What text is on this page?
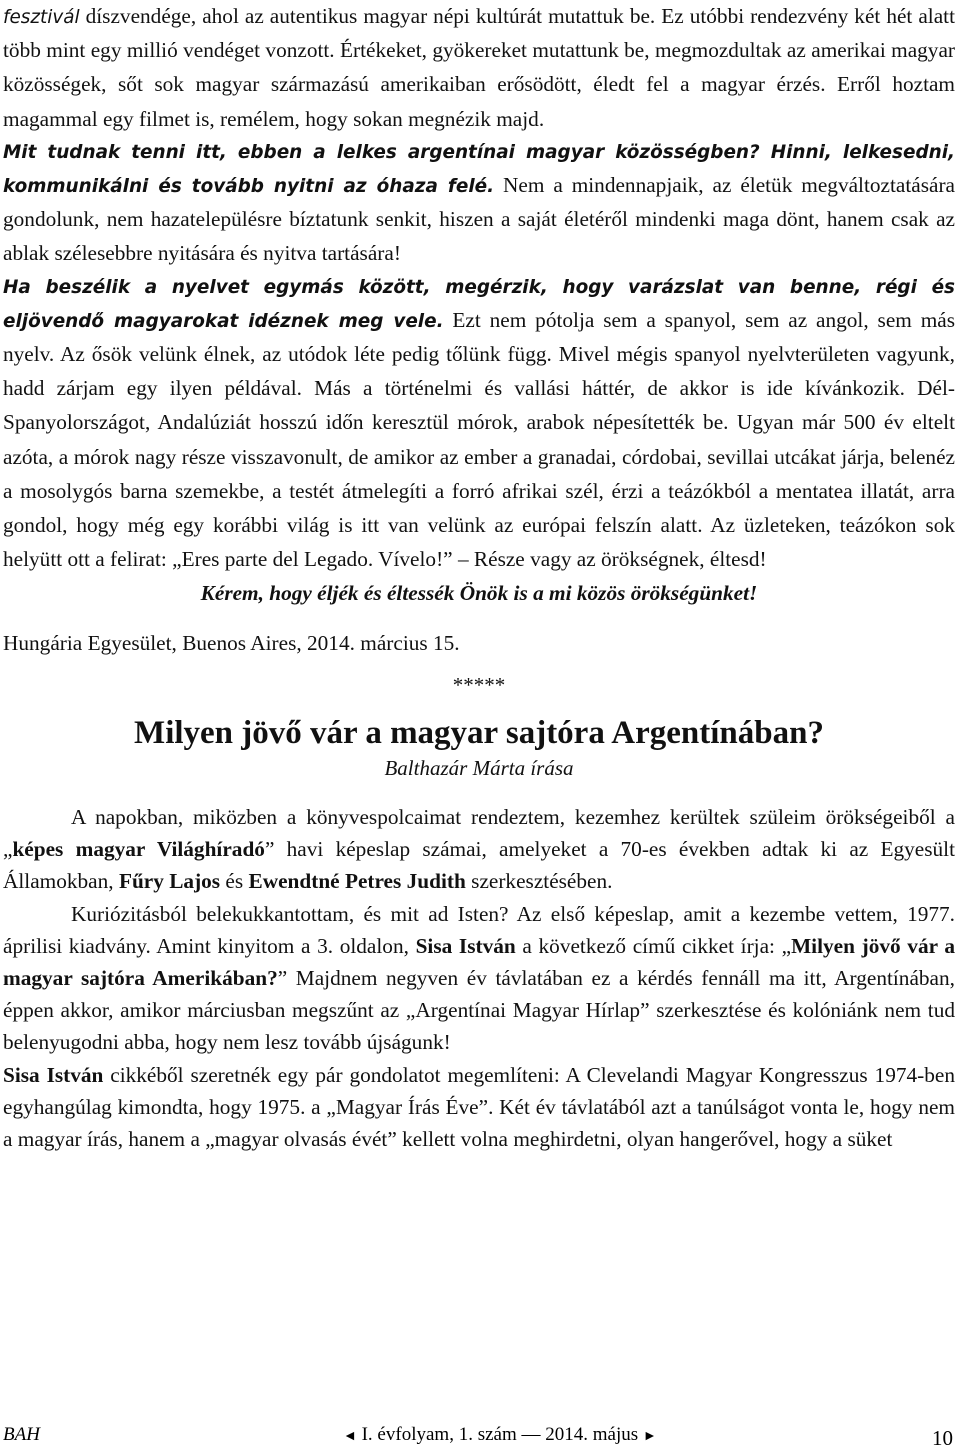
fesztivál díszvendége, ahol az autentikus magyar népi kultúrát mutattuk be. Ez utóbbi rendezvény két hét alatt több mint egy millió vendéget vonzott. Értékeket, gyökereket mutattunk be, megmozdultak az amerikai magyar közösségek, sőt sok magyar származású amerikaiban erősödött, éledt fel a magyar érzés. Erről hoztam magammal egy filmet is, remélem, hogy sokan megnézik majd.

Mit tudnak tenni itt, ebben a lelkes argentínai magyar közösségben? Hinni, lelkesedni, kommunikálni és tovább nyitni az óhaza felé. Nem a mindennapjaik, az életük megváltoztatására gondolunk, nem hazatelepülésre bíztatunk senkit, hiszen a saját életéről mindenki maga dönt, hanem csak az ablak szélesebbre nyitására és nyitva tartására!

Ha beszélik a nyelvet egymás között, megérzik, hogy varázslat van benne, régi és eljövendő magyarokat idéznek meg vele. Ezt nem pótolja sem a spanyol, sem az angol, sem más nyelv. Az ősök velünk élnek, az utódok léte pedig tőlünk függ. Mivel mégis spanyol nyelvterületen vagyunk, hadd zárjam egy ilyen példával. Más a történelmi és vallási háttér, de akkor is ide kívánkozik. Dél-Spanyolországot, Andalúziát hosszú időn keresztül mórok, arabok népesítették be. Ugyan már 500 év eltelt azóta, a mórok nagy része visszavonult, de amikor az ember a granadai, córdobai, sevillai utcákat járja, belenéz a mosolygós barna szemekbe, a testét átmelegíti a forró afrikai szél, érzi a teázókból a mentatea illatát, arra gondol, hogy még egy korábbi világ is itt van velünk az európai felszín alatt. Az üzleteken, teázókon sok helyütt ott a felirat: „Eres parte del Legado. Vívelo!” – Része vagy az örökségnek, éltesd!

Kérem, hogy éljék és éltessék Önök is a mi közös örökségünket!

Hungária Egyesület, Buenos Aires, 2014. március 15.

*****
Milyen jövő vár a magyar sajtóra Argentínában?

Balthazár Márta írása

A napokban, miközben a könyvespolcaimat rendeztem, kezemhez kerültek szüleim örökségeiből a „képes magyar Világhíradó” havi képeslap számai, amelyeket a 70-es években adtak ki az Egyesült Államokban, Fűry Lajos és Ewendtné Petres Judith szerkesztésében.

Kuriózitásból belekukkantottam, és mit ad Isten? Az első képeslap, amit a kezembe vettem, 1977. áprilisi kiadvány. Amint kinyitom a 3. oldalon, Sisa István a következő című cikket írja: „Milyen jövő vár a magyar sajtóra Amerikában?” Majdnem negyven év távlatában ez a kérdés fennáll ma itt, Argentínában, éppen akkor, amikor márciusban megszűnt az „Argentínai Magyar Hírlap” szerkesztése és kolóniánk nem tud belenyugodni abba, hogy nem lesz tovább újságunk!

Sisa István cikkéből szeretnék egy pár gondolatot megemlíteni: A Clevelandi Magyar Kongresszus 1974-ben egyhangúlag kimondta, hogy 1975. a „Magyar Írás Éve”. Két év távlatából azt a tanúlságot vonta le, hogy nem a magyar írás, hanem a „magyar olvasás évét” kellett volna meghirdetni, olyan hangerővel, hogy a süket

BAH	◄ I. évfolyam, 1. szám — 2014. május ►	10
